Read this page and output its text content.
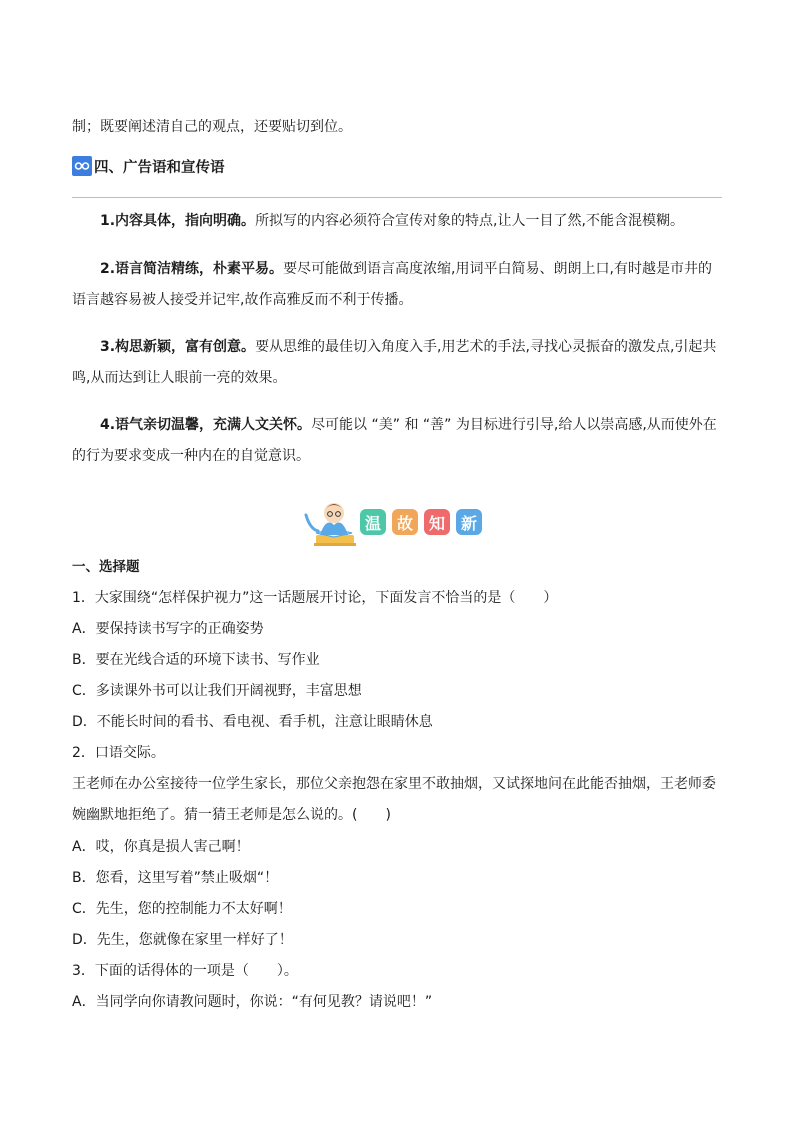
制；既要阐述清自己的观点，还要贴切到位。

四、广告语和宣传语

1.内容具体，指向明确。所拟写的内容必须符合宣传对象的特点,让人一目了然,不能含混模糊。

2.语言简洁精练，朴素平易。要尽可能做到语言高度浓缩,用词平白简易、朗朗上口,有时越是市井的语言越容易被人接受并记牢,故作高雅反而不利于传播。

3.构思新颖，富有创意。要从思维的最佳切入角度入手,用艺术的手法,寻找心灵振奋的激发点,引起共鸣,从而达到让人眼前一亮的效果。

4.语气亲切温馨，充满人文关怀。尽可能以 “美” 和 “善” 为目标进行引导,给人以崇高感,从而使外在的行为要求变成一种内在的自觉意识。

温 故 知 新

一、选择题

1．大家围绕“怎样保护视力”这一话题展开讨论，下面发言不恰当的是（　　）

A．要保持读书写字的正确姿势

B．要在光线合适的环境下读书、写作业

C．多读课外书可以让我们开阔视野，丰富思想

D．不能长时间的看书、看电视、看手机，注意让眼睛休息

2．口语交际。

王老师在办公室接待一位学生家长，那位父亲抱怨在家里不敢抽烟，又试探地问在此能否抽烟，王老师委婉幽默地拒绝了。猜一猜王老师是怎么说的。(　　)

A．哎，你真是损人害己啊！

B．您看，这里写着”禁止吸烟“！

C．先生，您的控制能力不太好啊！

D．先生，您就像在家里一样好了！

3．下面的话得体的一项是（　　）。

A．当同学向你请教问题时，你说：“有何见教？请说吧！”
